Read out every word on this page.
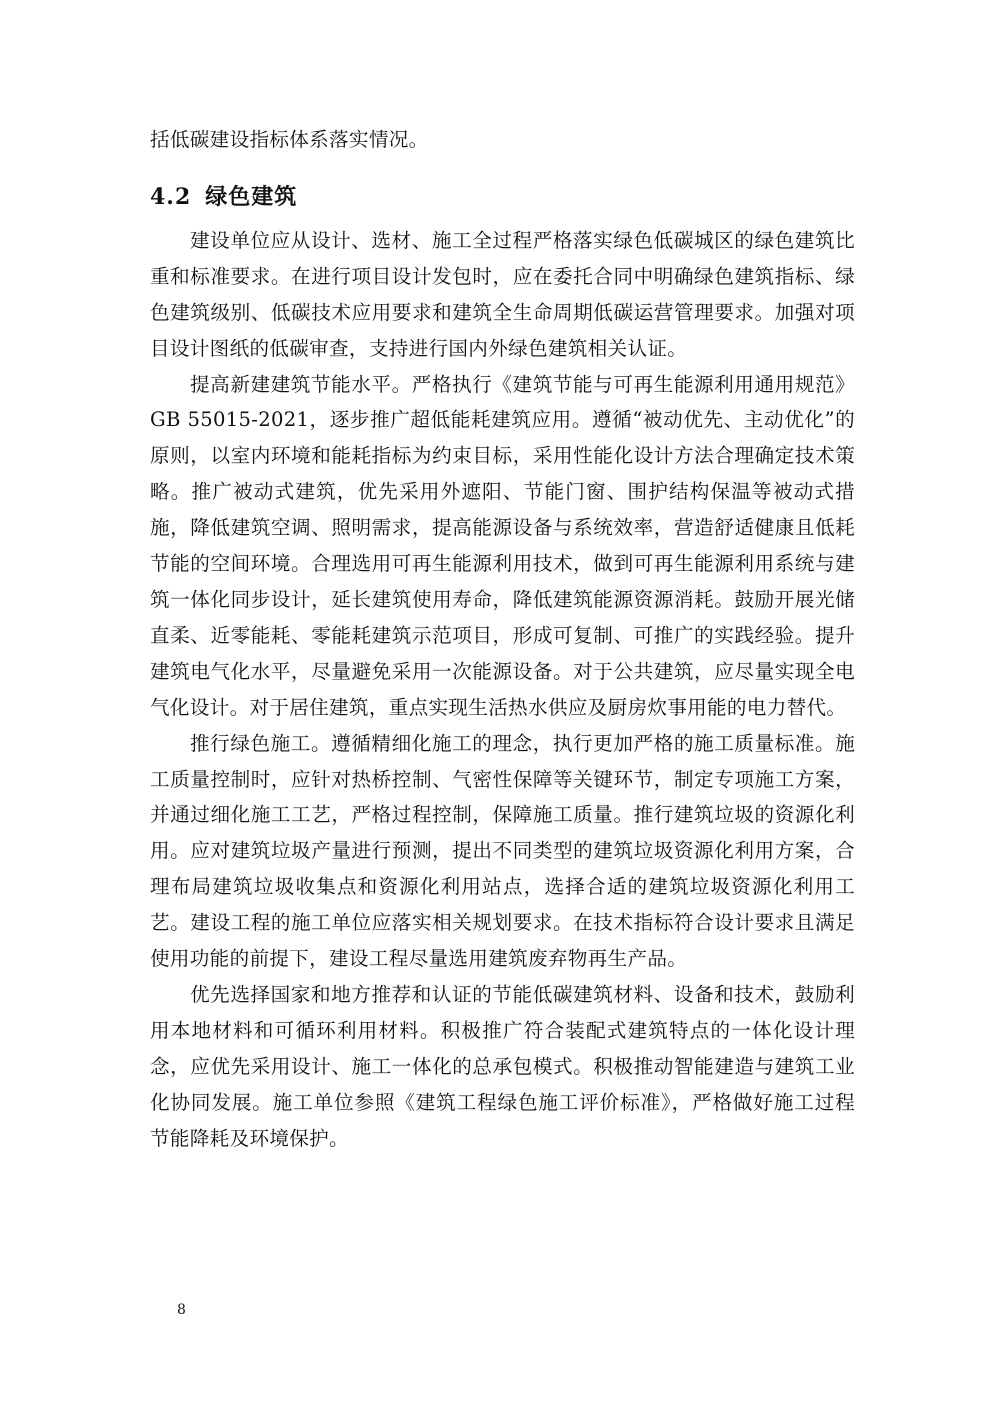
括低碳建设指标体系落实情况。

4.2 绿色建筑

建设单位应从设计、选材、施工全过程严格落实绿色低碳城区的绿色建筑比重和标准要求。在进行项目设计发包时，应在委托合同中明确绿色建筑指标、绿色建筑级别、低碳技术应用要求和建筑全生命周期低碳运营管理要求。加强对项目设计图纸的低碳审查，支持进行国内外绿色建筑相关认证。

提高新建建筑节能水平。严格执行《建筑节能与可再生能源利用通用规范》GB 55015-2021，逐步推广超低能耗建筑应用。遵循“被动优先、主动优化”的原则，以室内环境和能耗指标为约束目标，采用性能化设计方法合理确定技术策略。推广被动式建筑，优先采用外遮阳、节能门窗、围护结构保温等被动式措施，降低建筑空调、照明需求，提高能源设备与系统效率，营造舒适健康且低耗节能的空间环境。合理选用可再生能源利用技术，做到可再生能源利用系统与建筑一体化同步设计，延长建筑使用寿命，降低建筑能源资源消耗。鼓励开展光储直柔、近零能耗、零能耗建筑示范项目，形成可复制、可推广的实践经验。提升建筑电气化水平，尽量避免采用一次能源设备。对于公共建筑，应尽量实现全电气化设计。对于居住建筑，重点实现生活热水供应及厨房炊事用能的电力替代。

推行绿色施工。遵循精细化施工的理念，执行更加严格的施工质量标准。施工质量控制时，应针对热桥控制、气密性保障等关键环节，制定专项施工方案，并通过细化施工工艺，严格过程控制，保障施工质量。推行建筑垃圾的资源化利用。应对建筑垃圾产量进行预测，提出不同类型的建筑垃圾资源化利用方案，合理布局建筑垃圾收集点和资源化利用站点，选择合适的建筑垃圾资源化利用工艺。建设工程的施工单位应落实相关规划要求。在技术指标符合设计要求且满足使用功能的前提下，建设工程尽量选用建筑废弃物再生产品。

优先选择国家和地方推荐和认证的节能低碳建筑材料、设备和技术，鼓励利用本地材料和可循环利用材料。积极推广符合装配式建筑特点的一体化设计理念，应优先采用设计、施工一体化的总承包模式。积极推动智能建造与建筑工业化协同发展。施工单位参照《建筑工程绿色施工评价标准》，严格做好施工过程节能降耗及环境保护。

8
